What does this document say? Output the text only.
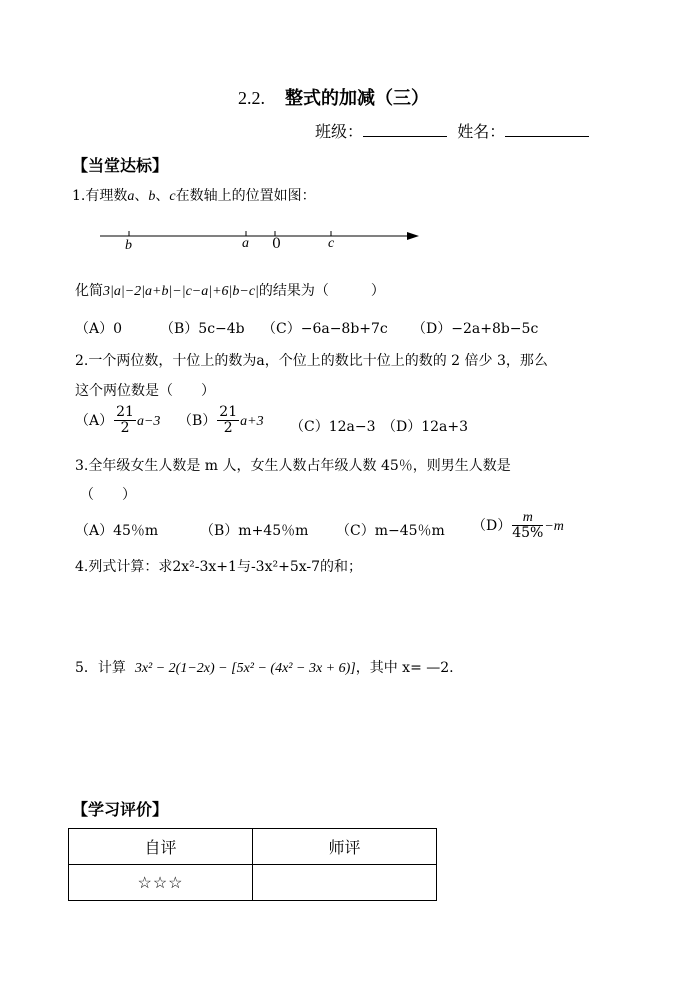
2.2. 整式的加减（三）
班级：	姓名：
【当堂达标】
1.有理数a、b、c在数轴上的位置如图：
b	a 0	c
化简3|a|−2|a+b|−|c−a|+6|b−c|的结果为（　　　）
（A）0	（B）5c−4b （C）−6a−8b+7c （D）−2a+8b−5c
2.一个两位数，十位上的数为a，个位上的数比十位上的数的 2 倍少 3，那么
这个两位数是（　　）
$(A) \frac{21}{2} a-3$ $(B) \frac{21}{2} a+3$ （C）12a−3 （D）12a+3
3.全年级女生人数是 m 人，女生人数占年级人数 45％，则男生人数是
（　　）
（A）45％m	（B）m+45％m （C）m−45％m $(D) \frac{m}{45\%} -m$
4.列式计算：求2x²-3x+1与-3x²+5x-7的和；
5．计算 3x² − 2(1−2x) − [5x² − (4x² − 3x + 6)]，其中 x= —2.
【学习评价】
自评	师评
☆☆☆	
